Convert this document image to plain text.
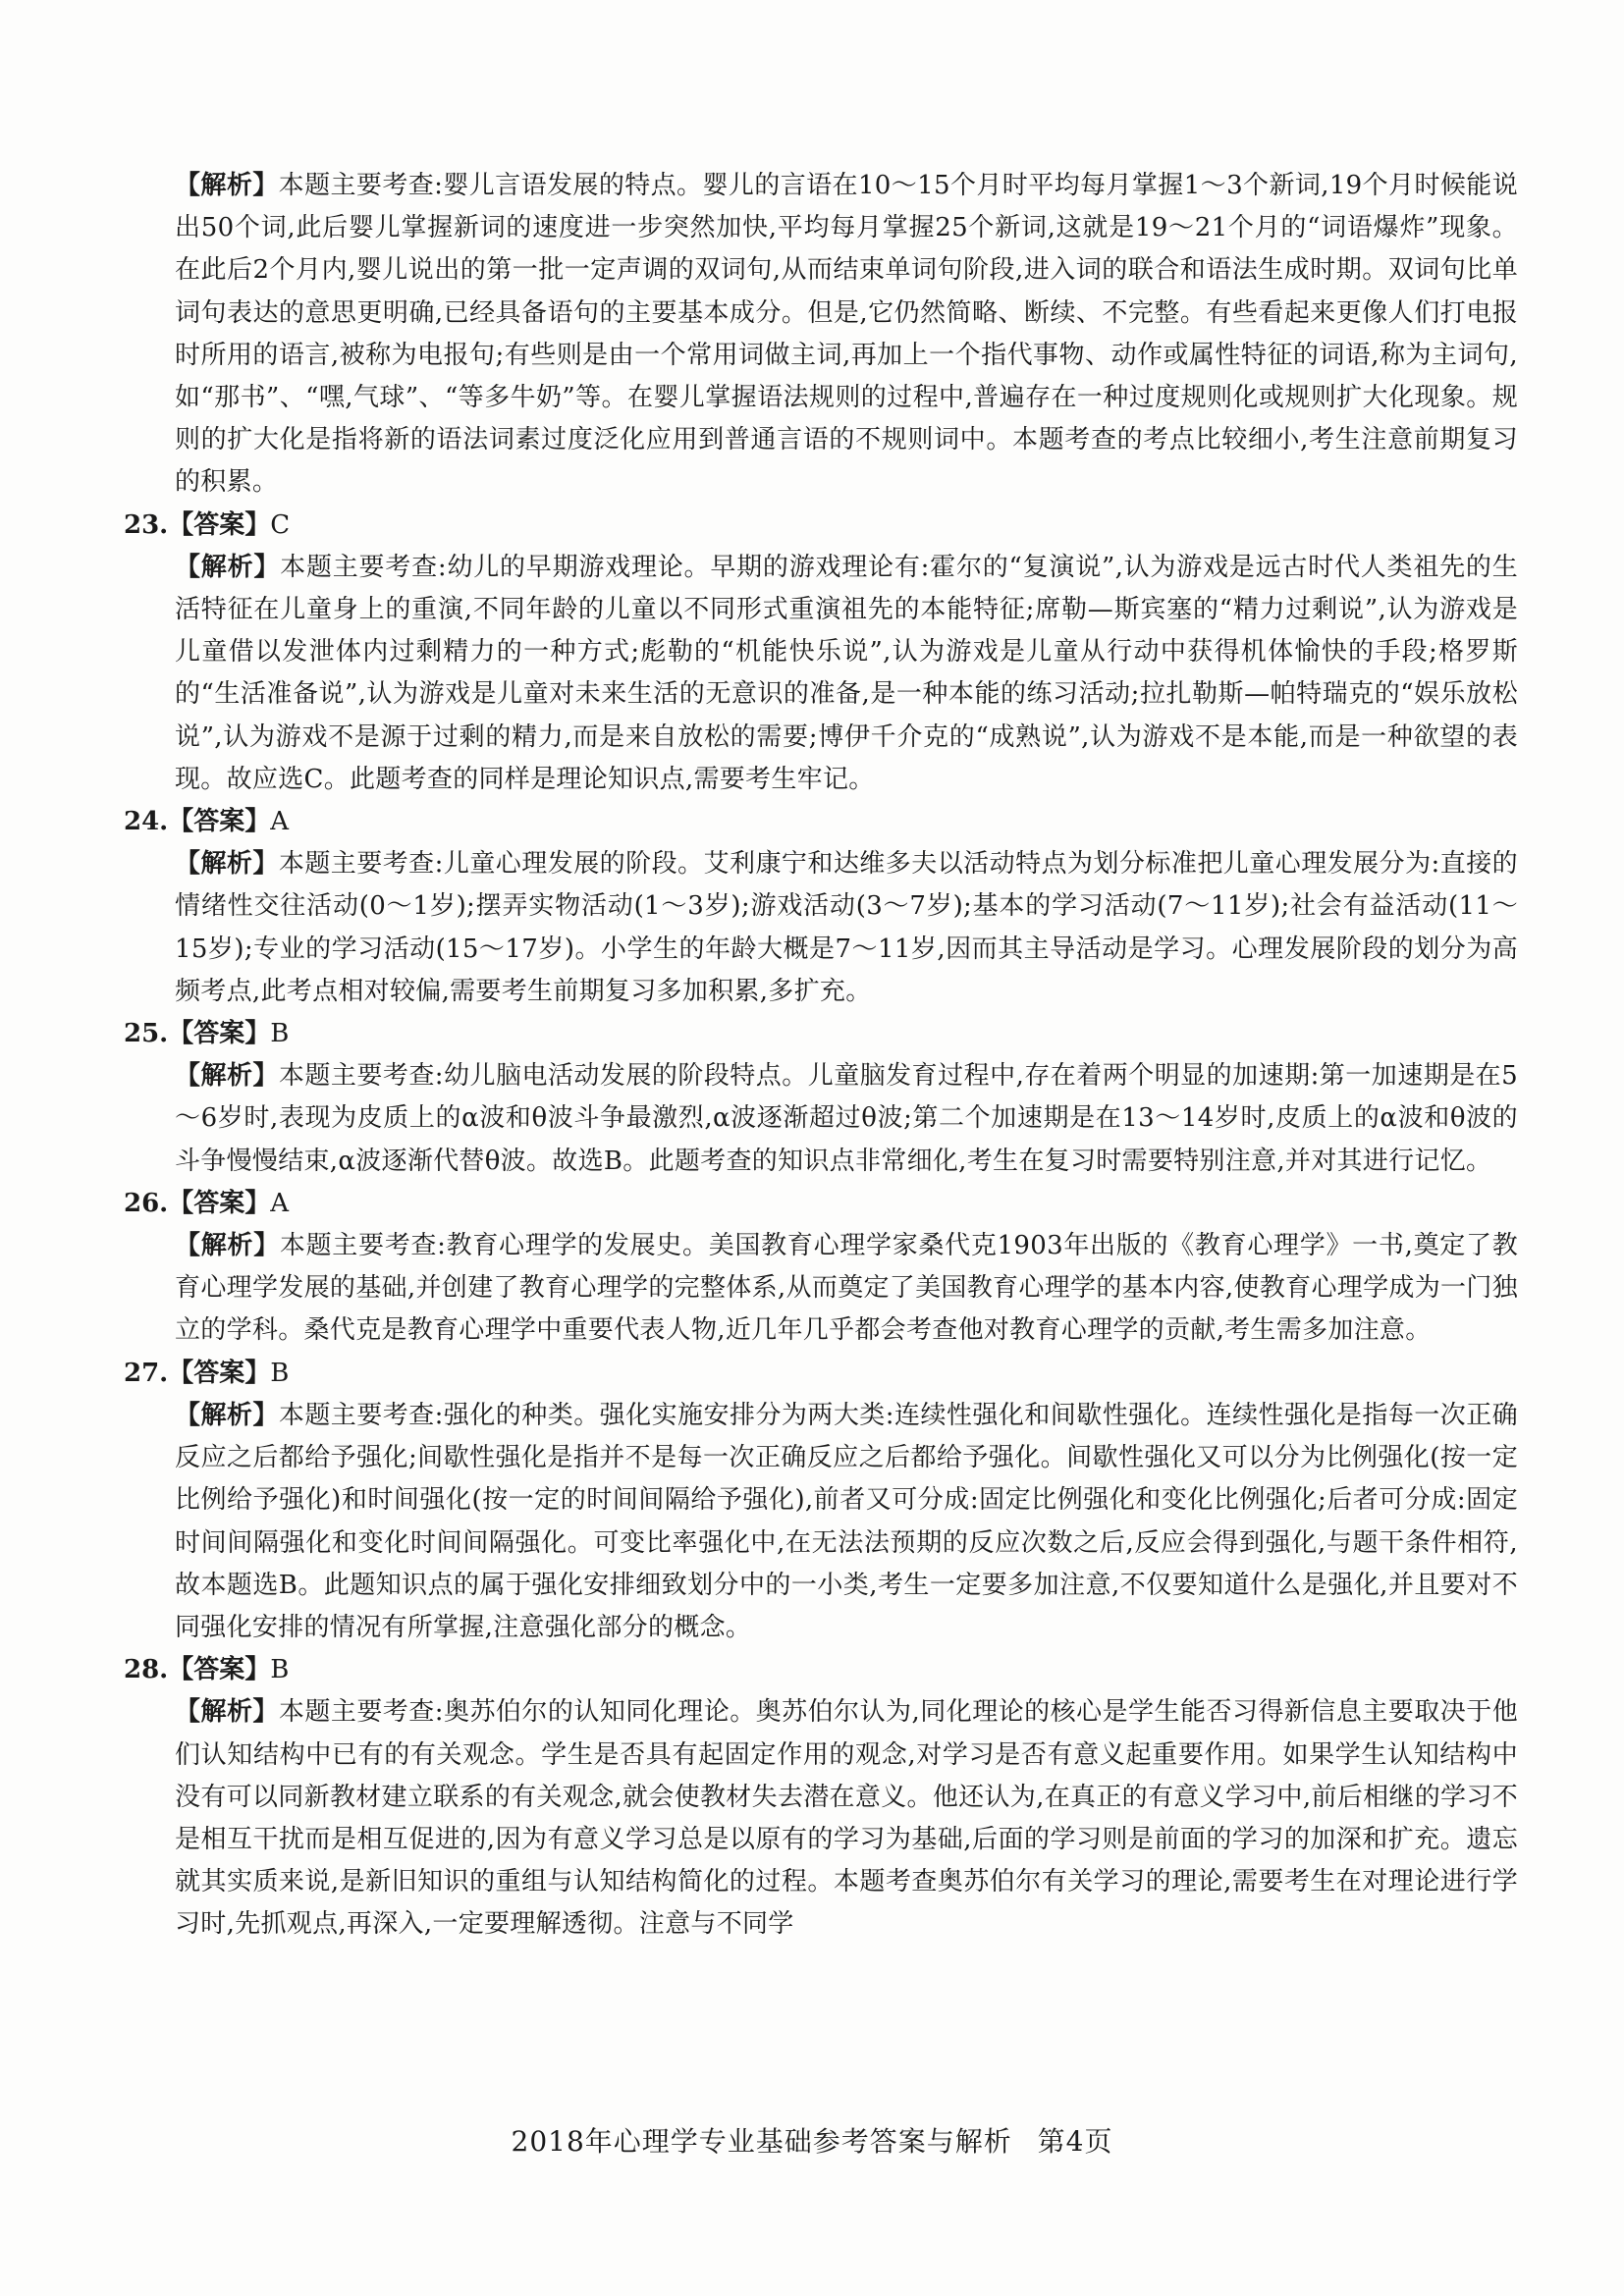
【解析】本题主要考查:婴儿言语发展的特点。婴儿的言语在10～15个月时平均每月掌握1～3个新词,19个月时候能说出50个词,此后婴儿掌握新词的速度进一步突然加快,平均每月掌握25个新词,这就是19～21个月的“词语爆炸”现象。在此后2个月内,婴儿说出的第一批一定声调的双词句,从而结束单词句阶段,进入词的联合和语法生成时期。双词句比单词句表达的意思更明确,已经具备语句的主要基本成分。但是,它仍然简略、断续、不完整。有些看起来更像人们打电报时所用的语言,被称为电报句;有些则是由一个常用词做主词,再加上一个指代事物、动作或属性特征的词语,称为主词句,如“那书”、“嘿,气球”、“等多牛奶”等。在婴儿掌握语法规则的过程中,普遍存在一种过度规则化或规则扩大化现象。规则的扩大化是指将新的语法词素过度泛化应用到普通言语的不规则词中。本题考查的考点比较细小,考生注意前期复习的积累。

23.【答案】C

【解析】本题主要考查:幼儿的早期游戏理论。早期的游戏理论有:霍尔的“复演说”,认为游戏是远古时代人类祖先的生活特征在儿童身上的重演,不同年龄的儿童以不同形式重演祖先的本能特征;席勒—斯宾塞的“精力过剩说”,认为游戏是儿童借以发泄体内过剩精力的一种方式;彪勒的“机能快乐说”,认为游戏是儿童从行动中获得机体愉快的手段;格罗斯的“生活准备说”,认为游戏是儿童对未来生活的无意识的准备,是一种本能的练习活动;拉扎勒斯—帕特瑞克的“娱乐放松说”,认为游戏不是源于过剩的精力,而是来自放松的需要;博伊千介克的“成熟说”,认为游戏不是本能,而是一种欲望的表现。故应选C。此题考查的同样是理论知识点,需要考生牢记。

24.【答案】A

【解析】本题主要考查:儿童心理发展的阶段。艾利康宁和达维多夫以活动特点为划分标准把儿童心理发展分为:直接的情绪性交往活动(0～1岁);摆弄实物活动(1～3岁);游戏活动(3～7岁);基本的学习活动(7～11岁);社会有益活动(11～15岁);专业的学习活动(15～17岁)。小学生的年龄大概是7～11岁,因而其主导活动是学习。心理发展阶段的划分为高频考点,此考点相对较偏,需要考生前期复习多加积累,多扩充。

25.【答案】B

【解析】本题主要考查:幼儿脑电活动发展的阶段特点。儿童脑发育过程中,存在着两个明显的加速期:第一加速期是在5～6岁时,表现为皮质上的α波和θ波斗争最激烈,α波逐渐超过θ波;第二个加速期是在13～14岁时,皮质上的α波和θ波的斗争慢慢结束,α波逐渐代替θ波。故选B。此题考查的知识点非常细化,考生在复习时需要特别注意,并对其进行记忆。

26.【答案】A

【解析】本题主要考查:教育心理学的发展史。美国教育心理学家桑代克1903年出版的《教育心理学》一书,奠定了教育心理学发展的基础,并创建了教育心理学的完整体系,从而奠定了美国教育心理学的基本内容,使教育心理学成为一门独立的学科。桑代克是教育心理学中重要代表人物,近几年几乎都会考查他对教育心理学的贡献,考生需多加注意。

27.【答案】B

【解析】本题主要考查:强化的种类。强化实施安排分为两大类:连续性强化和间歇性强化。连续性强化是指每一次正确反应之后都给予强化;间歇性强化是指并不是每一次正确反应之后都给予强化。间歇性强化又可以分为比例强化(按一定比例给予强化)和时间强化(按一定的时间间隔给予强化),前者又可分成:固定比例强化和变化比例强化;后者可分成:固定时间间隔强化和变化时间间隔强化。可变比率强化中,在无法法预期的反应次数之后,反应会得到强化,与题干条件相符,故本题选B。此题知识点的属于强化安排细致划分中的一小类,考生一定要多加注意,不仅要知道什么是强化,并且要对不同强化安排的情况有所掌握,注意强化部分的概念。

28.【答案】B

【解析】本题主要考查:奥苏伯尔的认知同化理论。奥苏伯尔认为,同化理论的核心是学生能否习得新信息主要取决于他们认知结构中已有的有关观念。学生是否具有起固定作用的观念,对学习是否有意义起重要作用。如果学生认知结构中没有可以同新教材建立联系的有关观念,就会使教材失去潜在意义。他还认为,在真正的有意义学习中,前后相继的学习不是相互干扰而是相互促进的,因为有意义学习总是以原有的学习为基础,后面的学习则是前面的学习的加深和扩充。遗忘就其实质来说,是新旧知识的重组与认知结构简化的过程。本题考查奥苏伯尔有关学习的理论,需要考生在对理论进行学习时,先抓观点,再深入,一定要理解透彻。注意与不同学

2018年心理学专业基础参考答案与解析 第4页
